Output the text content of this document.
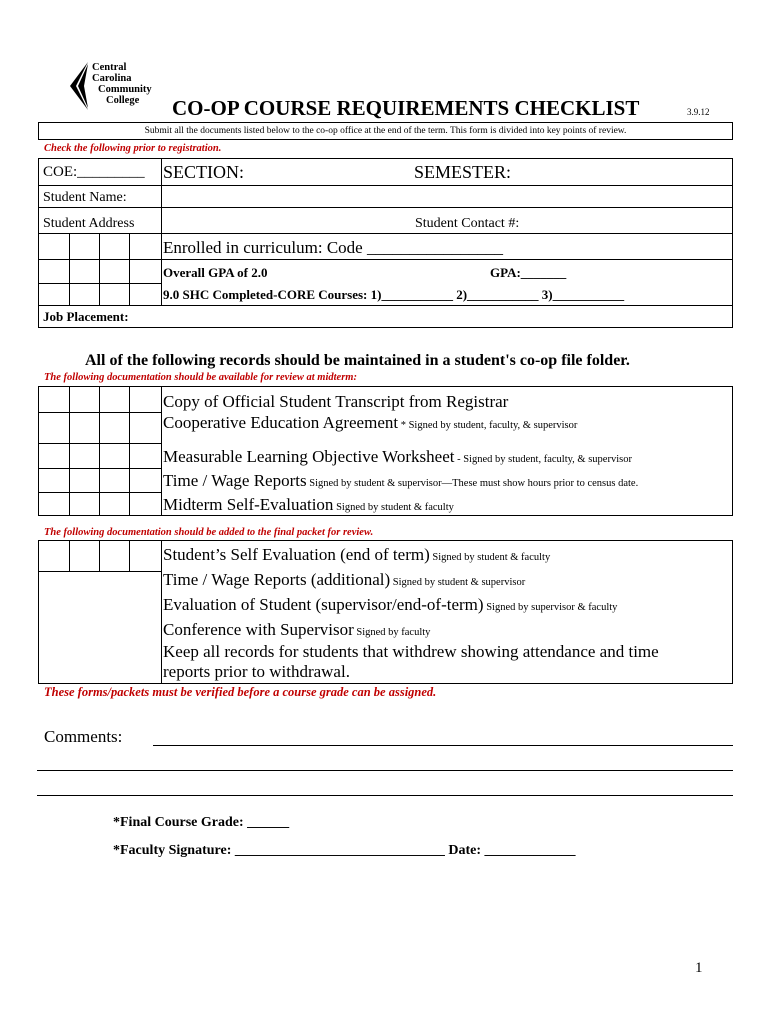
Central
Carolina
Community
College	CO-OP COURSE REQUIREMENTS CHECKLIST	3.9.12
Submit all the documents listed below to the co-op office at the end of the term. This form is divided into key points of review.
Check the following prior to registration.
COE:_________ SECTION:	SEMESTER:
Student Name:
Student Address	Student Contact #:
Enrolled in curriculum: Code ________________
Overall GPA of 2.0	GPA:_______
9.0 SHC Completed-CORE Courses: 1)___________ 2)___________ 3)___________
Job Placement:
All of the following records should be maintained in a student's co-op file folder.
The following documentation should be available for review at midterm:
Copy of Official Student Transcript from Registrar
Cooperative Education Agreement * Signed by student, faculty, & supervisor
Measurable Learning Objective Worksheet - Signed by student, faculty, & supervisor
Time / Wage Reports Signed by student & supervisor—These must show hours prior to census date.
Midterm Self-Evaluation Signed by student & faculty
The following documentation should be added to the final packet for review.
Student’s Self Evaluation (end of term) Signed by student & faculty
Time / Wage Reports (additional) Signed by student & supervisor
Evaluation of Student (supervisor/end-of-term) Signed by supervisor & faculty
Conference with Supervisor Signed by faculty
Keep all records for students that withdrew showing attendance and time
reports prior to withdrawal.
These forms/packets must be verified before a course grade can be assigned.
Comments:
*Final Course Grade: ______
*Faculty Signature: ______________________________ Date: _____________
1
